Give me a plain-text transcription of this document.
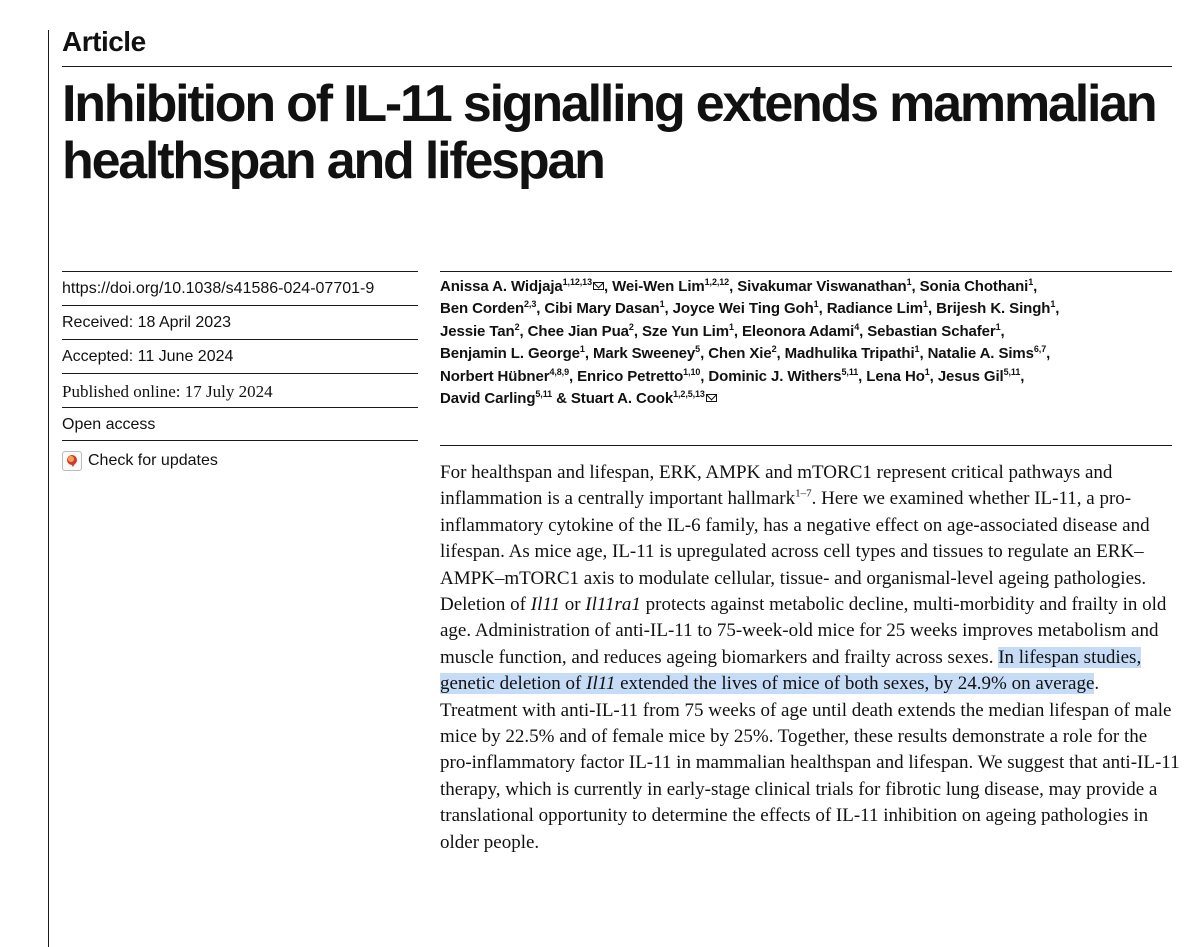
Article
Inhibition of IL-11 signalling extends mammalian healthspan and lifespan
https://doi.org/10.1038/s41586-024-07701-9
Received: 18 April 2023
Accepted: 11 June 2024
Published online: 17 July 2024
Open access
Check for updates

Anissa A. Widjaja$^{1,12,13}$ , Wei-Wen Lim$^{1,2,12}$, Sivakumar Viswanathan$^1$, Sonia Chothani$^1$,
Ben Corden$^{2,3}$, Cibi Mary Dasan$^1$, Joyce Wei Ting Goh$^1$, Radiance Lim$^1$, Brijesh K. Singh$^1$,
Jessie Tan$^2$, Chee Jian Pua$^2$, Sze Yun Lim$^1$, Eleonora Adami$^4$, Sebastian Schafer$^1$,
Benjamin L. George$^1$, Mark Sweeney$^5$, Chen Xie$^2$, Madhulika Tripathi$^1$, Natalie A. Sims$^{6,7}$,
Norbert Hübner$^{4,8,9}$, Enrico Petretto$^{1,10}$, Dominic J. Withers$^{5,11}$, Lena Ho$^1$, Jesus Gil$^{5,11}$,
David Carling$^{5,11}$ & Stuart A. Cook$^{1,2,5,13}$

For healthspan and lifespan, ERK, AMPK and mTORC1 represent critical pathways and inflammation is a centrally important hallmark$^{1-7}$. Here we examined whether IL-11, a pro-inflammatory cytokine of the IL-6 family, has a negative effect on age-associated disease and lifespan. As mice age, IL-11 is upregulated across cell types and tissues to regulate an ERK–AMPK–mTORC1 axis to modulate cellular, tissue- and organismal-level ageing pathologies. Deletion of Il11 or Il11ra1 protects against metabolic decline, multi-morbidity and frailty in old age. Administration of anti-IL-11 to 75-week-old mice for 25 weeks improves metabolism and muscle function, and reduces ageing biomarkers and frailty across sexes. In lifespan studies, genetic deletion of Il11 extended the lives of mice of both sexes, by 24.9% on average. Treatment with anti-IL-11 from 75 weeks of age until death extends the median lifespan of male mice by 22.5% and of female mice by 25%. Together, these results demonstrate a role for the pro-inflammatory factor IL-11 in mammalian healthspan and lifespan. We suggest that anti-IL-11 therapy, which is currently in early-stage clinical trials for fibrotic lung disease, may provide a translational opportunity to determine the effects of IL-11 inhibition on ageing pathologies in older people.
